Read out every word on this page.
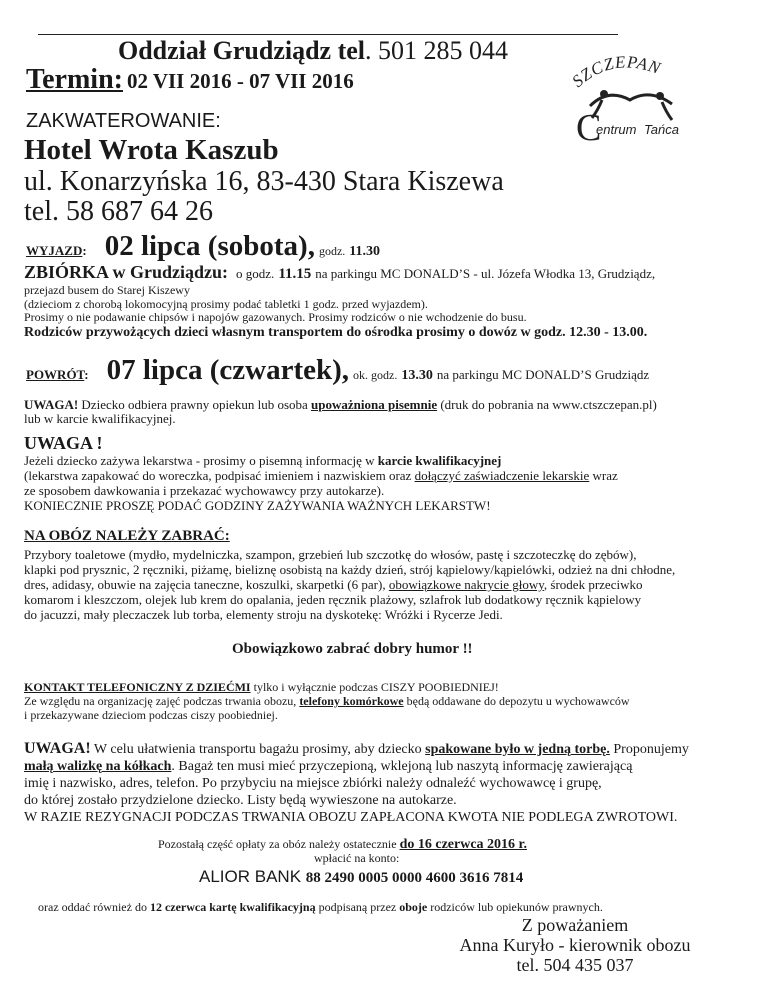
Oddział Grudziądz tel. 501 285 044
Termin: 02 VII 2016 - 07 VII 2016	SZCZEPAN
C
entrum Tańca
ZAKWATEROWANIE:
Hotel Wrota Kaszub
ul. Konarzyńska 16, 83-430 Stara Kiszewa
tel. 58 687 64 26
WYJAZD: 02 lipca (sobota), godz. 11.30
ZBIÓRKA w Grudziądzu: o godz. 11.15 na parkingu MC DONALD’S - ul. Józefa Włodka 13, Grudziądz,
przejazd busem do Starej Kiszewy
(dzieciom z chorobą lokomocyjną prosimy podać tabletki 1 godz. przed wyjazdem).
Prosimy o nie podawanie chipsów i napojów gazowanych. Prosimy rodziców o nie wchodzenie do busu.
Rodziców przywożących dzieci własnym transportem do ośrodka prosimy o dowóz w godz. 12.30 - 13.00.
POWRÓT: 07 lipca (czwartek), ok. godz. 13.30 na parkingu MC DONALD’S Grudziądz
UWAGA! Dziecko odbiera prawny opiekun lub osoba upoważniona pisemnie (druk do pobrania na www.ctszczepan.pl)
lub w karcie kwalifikacyjnej.
UWAGA !
Jeżeli dziecko zażywa lekarstwa - prosimy o pisemną informację w karcie kwalifikacyjnej
(lekarstwa zapakować do woreczka, podpisać imieniem i nazwiskiem oraz dołączyć zaświadczenie lekarskie wraz
ze sposobem dawkowania i przekazać wychowawcy przy autokarze).
KONIECZNIE PROSZĘ PODAĆ GODZINY ZAŻYWANIA WAŻNYCH LEKARSTW!
NA OBÓZ NALEŻY ZABRAĆ:
Przybory toaletowe (mydło, mydelniczka, szampon, grzebień lub szczotkę do włosów, pastę i szczoteczkę do zębów),
klapki pod prysznic, 2 ręczniki, piżamę, bieliznę osobistą na każdy dzień, strój kąpielowy/kąpielówki, odzież na dni chłodne,
dres, adidasy, obuwie na zajęcia taneczne, koszulki, skarpetki (6 par), obowiązkowe nakrycie głowy, środek przeciwko
komarom i kleszczom, olejek lub krem do opalania, jeden ręcznik plażowy, szlafrok lub dodatkowy ręcznik kąpielowy
do jacuzzi, mały pleczaczek lub torba, elementy stroju na dyskotekę: Wróżki i Rycerze Jedi.
Obowiązkowo zabrać dobry humor !!
KONTAKT TELEFONICZNY Z DZIEĆMI tylko i wyłącznie podczas CISZY POOBIEDNIEJ!
Ze względu na organizację zajęć podczas trwania obozu, telefony komórkowe będą oddawane do depozytu u wychowawców
i przekazywane dzieciom podczas ciszy poobiedniej.
UWAGA! W celu ułatwienia transportu bagażu prosimy, aby dziecko spakowane było w jedną torbę. Proponujemy
małą walizkę na kółkach. Bagaż ten musi mieć przyczepioną, wklejoną lub naszytą informację zawierającą
imię i nazwisko, adres, telefon. Po przybyciu na miejsce zbiórki należy odnaleźć wychowawcę i grupę,
do której zostało przydzielone dziecko. Listy będą wywieszone na autokarze.
W RAZIE REZYGNACJI PODCZAS TRWANIA OBOZU ZAPŁACONA KWOTA NIE PODLEGA ZWROTOWI.
Pozostałą część opłaty za obóz należy ostatecznie do 16 czerwca 2016 r.
wpłacić na konto:
ALIOR BANK 88 2490 0005 0000 4600 3616 7814
oraz oddać również do 12 czerwca kartę kwalifikacyjną podpisaną przez oboje rodziców lub opiekunów prawnych.
Z poważaniem
Anna Kuryło - kierownik obozu
tel. 504 435 037
